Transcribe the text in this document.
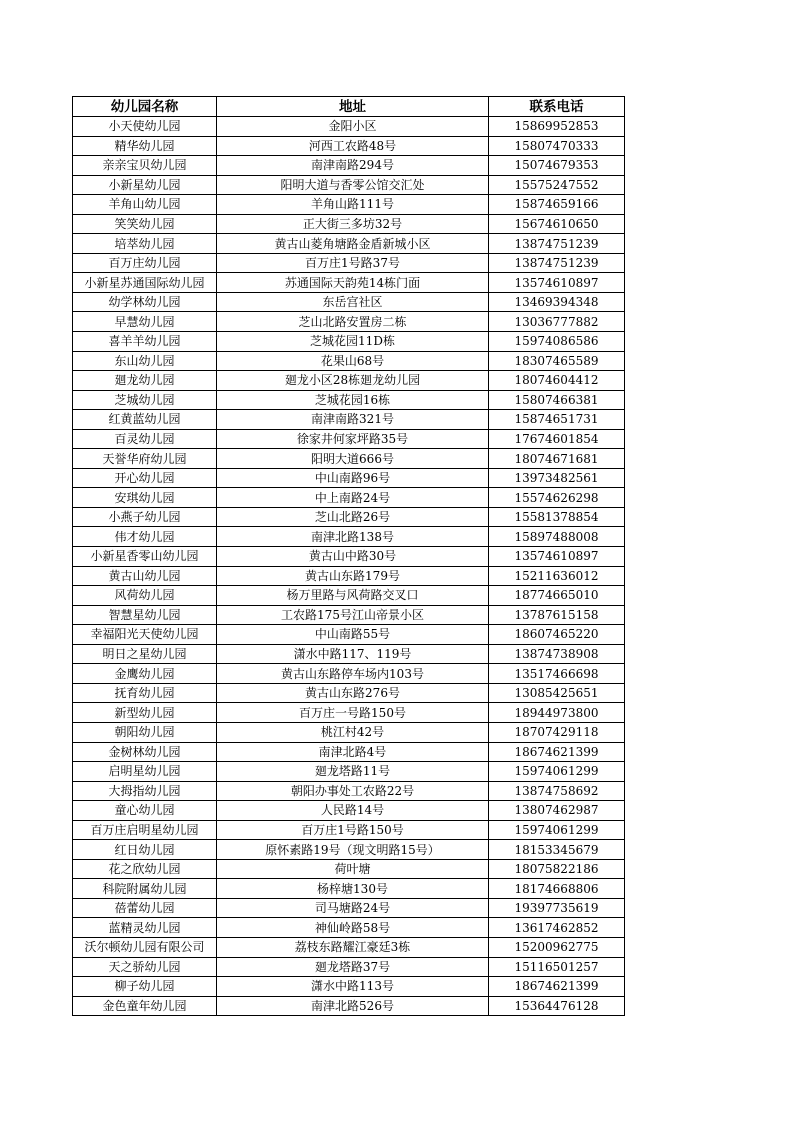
幼儿园名称	地址	联系电话
小天使幼儿园	金阳小区	15869952853
精华幼儿园	河西工农路48号	15807470333
亲亲宝贝幼儿园	南津南路294号	15074679353
小新星幼儿园	阳明大道与香零公馆交汇处	15575247552
羊角山幼儿园	羊角山路111号	15874659166
笑笑幼儿园	正大街三多坊32号	15674610650
培萃幼儿园	黄古山菱角塘路金盾新城小区	13874751239
百万庄幼儿园	百万庄1号路37号	13874751239
小新星苏通国际幼儿园	苏通国际天韵苑14栋门面	13574610897
幼学林幼儿园	东岳宫社区	13469394348
早慧幼儿园	芝山北路安置房二栋	13036777882
喜羊羊幼儿园	芝城花园11D栋	15974086586
东山幼儿园	花果山68号	18307465589
廻龙幼儿园	廻龙小区28栋廻龙幼儿园	18074604412
芝城幼儿园	芝城花园16栋	15807466381
红黄蓝幼儿园	南津南路321号	15874651731
百灵幼儿园	徐家井何家坪路35号	17674601854
天誉华府幼儿园	阳明大道666号	18074671681
开心幼儿园	中山南路96号	13973482561
安琪幼儿园	中上南路24号	15574626298
小燕子幼儿园	芝山北路26号	15581378854
伟才幼儿园	南津北路138号	15897488008
小新星香零山幼儿园	黄古山中路30号	13574610897
黄古山幼儿园	黄古山东路179号	15211636012
风荷幼儿园	杨万里路与风荷路交叉口	18774665010
智慧星幼儿园	工农路175号江山帝景小区	13787615158
幸福阳光天使幼儿园	中山南路55号	18607465220
明日之星幼儿园	潇水中路117、119号	13874738908
金鹰幼儿园	黄古山东路停车场内103号	13517466698
抚育幼儿园	黄古山东路276号	13085425651
新型幼儿园	百万庄一号路150号	18944973800
朝阳幼儿园	桃江村42号	18707429118
金树林幼儿园	南津北路4号	18674621399
启明星幼儿园	廻龙塔路11号	15974061299
大拇指幼儿园	朝阳办事处工农路22号	13874758692
童心幼儿园	人民路14号	13807462987
百万庄启明星幼儿园	百万庄1号路150号	15974061299
红日幼儿园	原怀素路19号（现文明路15号）	18153345679
花之欣幼儿园	荷叶塘	18075822186
科院附属幼儿园	杨梓塘130号	18174668806
蓓蕾幼儿园	司马塘路24号	19397735619
蓝精灵幼儿园	神仙岭路58号	13617462852
沃尔顿幼儿园有限公司	荔枝东路耀江豪廷3栋	15200962775
天之骄幼儿园	廻龙塔路37号	15116501257
柳子幼儿园	潇水中路113号	18674621399
金色童年幼儿园	南津北路526号	15364476128
